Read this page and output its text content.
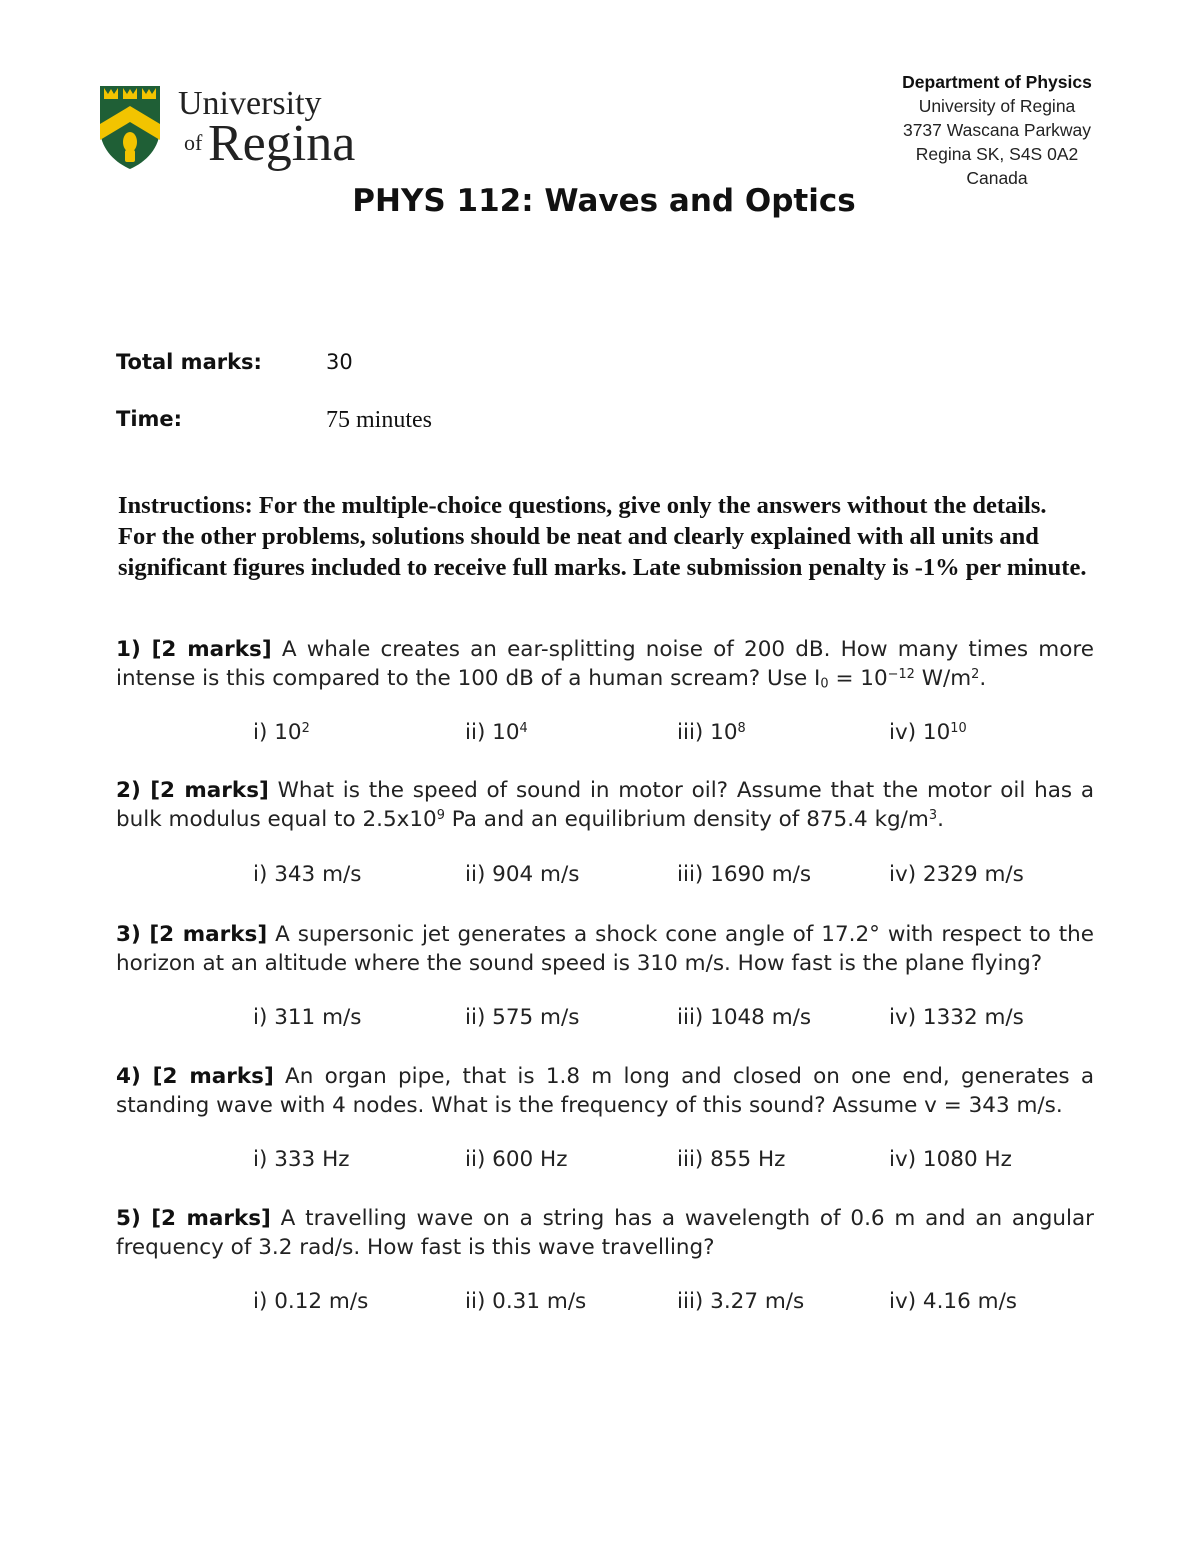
University
of Regina
Department of Physics
University of Regina
3737 Wascana Parkway
Regina SK, S4S 0A2
Canada
PHYS 112: Waves and Optics
Total marks:	30
Time:	75 minutes
Instructions: For the multiple-choice questions, give only the answers without the details.
For the other problems, solutions should be neat and clearly explained with all units and
significant figures included to receive full marks. Late submission penalty is -1% per minute.
1) [2 marks] A whale creates an ear-splitting noise of 200 dB. How many times more intense is this compared to the 100 dB of a human scream? Use $I_0 = 10^{-12}$ $W/m^2$.
i) $10^2$	ii) $10^4$	iii) $10^8$	iv) $10^{10}$
2) [2 marks] What is the speed of sound in motor oil? Assume that the motor oil has a bulk modulus equal to $2.5x10^9$ Pa and an equilibrium density of 875.4 $kg/m^3$.
i) 343 m/s	ii) 904 m/s	iii) 1690 m/s	iv) 2329 m/s
3) [2 marks] A supersonic jet generates a shock cone angle of 17.2° with respect to the horizon at an altitude where the sound speed is 310 m/s. How fast is the plane flying?
i) 311 m/s	ii) 575 m/s	iii) 1048 m/s	iv) 1332 m/s
4) [2 marks] An organ pipe, that is 1.8 m long and closed on one end, generates a standing wave with 4 nodes. What is the frequency of this sound? Assume v = 343 m/s.
i) 333 Hz	ii) 600 Hz	iii) 855 Hz	iv) 1080 Hz
5) [2 marks] A travelling wave on a string has a wavelength of 0.6 m and an angular frequency of 3.2 rad/s. How fast is this wave travelling?
i) 0.12 m/s	ii) 0.31 m/s	iii) 3.27 m/s	iv) 4.16 m/s
